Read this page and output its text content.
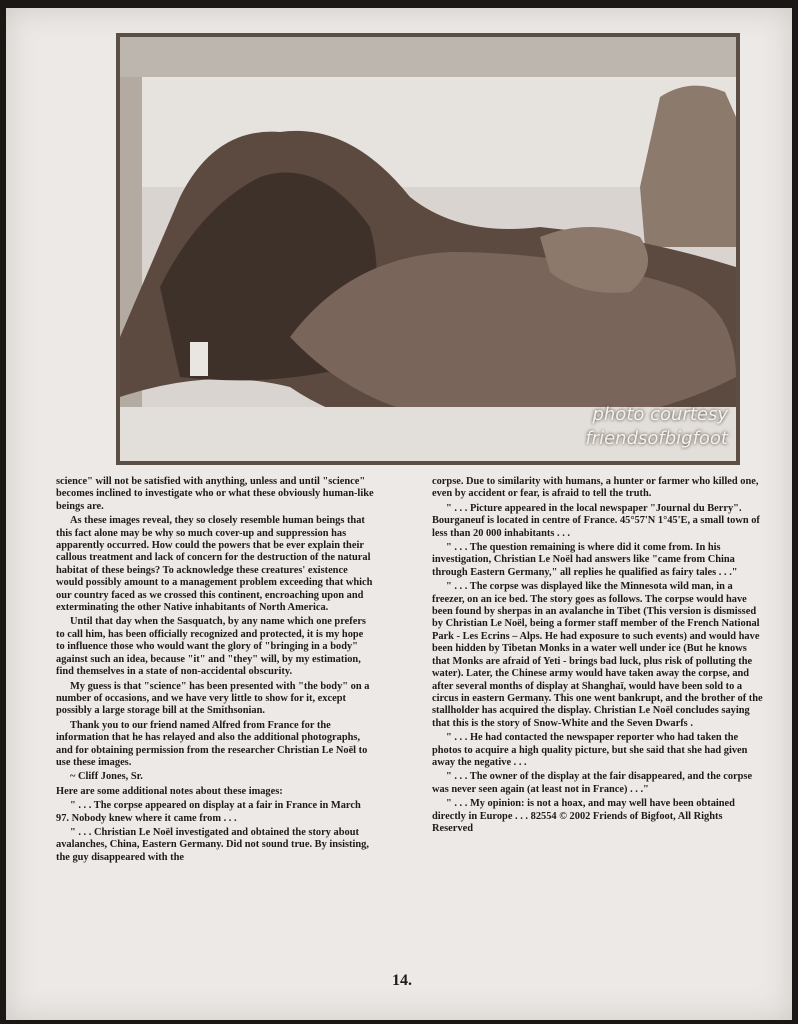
photo courtesy
friendsofbigfoot

science" will not be satisfied with anything, unless and until "science" becomes inclined to investigate who or what these obviously human-like beings are.

As these images reveal, they so closely resemble human beings that this fact alone may be why so much cover-up and suppression has apparently occurred. How could the powers that be ever explain their callous treatment and lack of concern for the destruction of the natural habitat of these beings? To acknowledge these creatures' existence would possibly amount to a management problem exceeding that which our country faced as we crossed this continent, encroaching upon and exterminating the other Native inhabitants of North America.

Until that day when the Sasquatch, by any name which one prefers to call him, has been officially recognized and protected, it is my hope to influence those who would want the glory of "bringing in a body" against such an idea, because "it" and "they" will, by my estimation, find themselves in a state of non-accidental obscurity.

My guess is that "science" has been presented with "the body" on a number of occasions, and we have very little to show for it, except possibly a large storage bill at the Smithsonian.

Thank you to our friend named Alfred from France for the information that he has relayed and also the additional photographs, and for obtaining permission from the researcher Christian Le Noël to use these images.

~ Cliff Jones, Sr.

Here are some additional notes about these images:

" . . . The corpse appeared on display at a fair in France in March 97. Nobody knew where it came from . . .

" . . . Christian Le Noël investigated and obtained the story about avalanches, China, Eastern Germany. Did not sound true. By insisting, the guy disappeared with the

corpse. Due to similarity with humans, a hunter or farmer who killed one, even by accident or fear, is afraid to tell the truth.

" . . . Picture appeared in the local newspaper "Journal du Berry". Bourganeuf is located in centre of France. 45°57'N 1°45'E, a small town of less than 20 000 inhabitants . . .

" . . . The question remaining is where did it come from. In his investigation, Christian Le Noël had answers like "came from China through Eastern Germany," all replies he qualified as fairy tales . . ."

" . . . The corpse was displayed like the Minnesota wild man, in a freezer, on an ice bed. The story goes as follows. The corpse would have been found by sherpas in an avalanche in Tibet (This version is dismissed by Christian Le Noël, being a former staff member of the French National Park - Les Ecrins – Alps. He had exposure to such events) and would have been hidden by Tibetan Monks in a water well under ice (But he knows that Monks are afraid of Yeti - brings bad luck, plus risk of polluting the water). Later, the Chinese army would have taken away the corpse, and after several months of display at Shanghaï, would have been sold to a circus in eastern Germany. This one went bankrupt, and the brother of the stallholder has acquired the display. Christian Le Noël concludes saying that this is the story of Snow-White and the Seven Dwarfs .

" . . . He had contacted the newspaper reporter who had taken the photos to acquire a high quality picture, but she said that she had given away the negative . . .

" . . . The owner of the display at the fair disappeared, and the corpse was never seen again (at least not in France) . . ."

" . . . My opinion: is not a hoax, and may well have been obtained directly in Europe . . . 82554 © 2002 Friends of Bigfoot, All Rights Reserved

14.
